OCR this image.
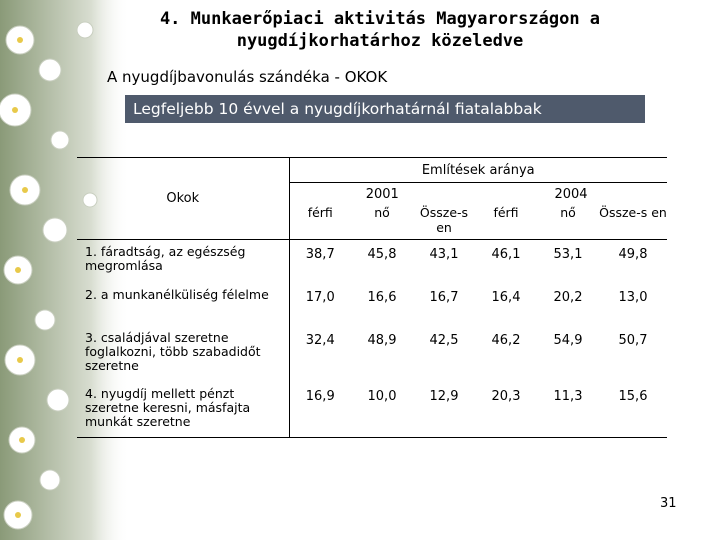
4. Munkaerőpiaci aktivitás Magyarországon a
nyugdíjkorhatárhoz közeledve
A nyugdíjbavonulás szándéka - OKOK
Legfeljebb 10 évvel a nyugdíjkorhatárnál fiatalabbak
Okok	Említések aránya					
	2001			2004		
	férfi	nő	Össze-s en	férfi	nő	Össze-s en
1. fáradtság, az egészség megromlása	38,7	45,8	43,1	46,1	53,1	49,8
2. a munkanélküliség félelme	17,0	16,6	16,7	16,4	20,2	13,0
3. családjával szeretne foglalkozni, több szabadidőt szeretne	32,4	48,9	42,5	46,2	54,9	50,7
4. nyugdíj mellett pénzt szeretne keresni, másfajta munkát szeretne	16,9	10,0	12,9	20,3	11,3	15,6
31
